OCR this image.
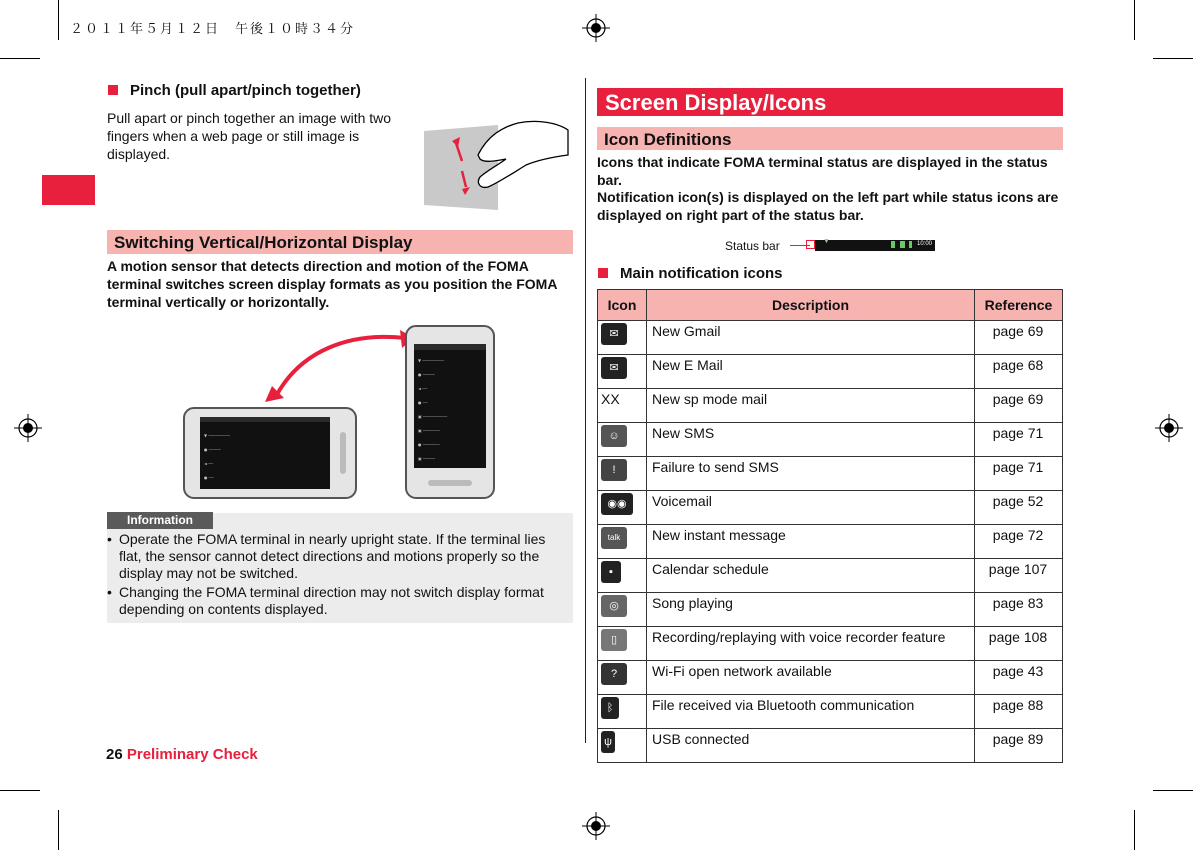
２０１１年５月１２日　午後１０時３４分
Pinch (pull apart/pinch together)
Pull apart or pinch together an image with two fingers when a web page or still image is displayed.
Switching Vertical/Horizontal Display
A motion sensor that detects direction and motion of the FOMA terminal switches screen display formats as you position the FOMA terminal vertically or horizontally.
▼ ─────────
● ─────
◄ ──
● ──
▼ ─────────
● ─────
◄ ──
● ──
▣ ──────────
▣ ───────
● ───────
▣ ─────
Information
• Operate the FOMA terminal in nearly upright state. If the terminal lies flat, the sensor cannot detect directions and motions properly so the display may not be switched.
• Changing the FOMA terminal direction may not switch display format depending on contents displayed.
Screen Display/Icons
Icon Definitions
Icons that indicate FOMA terminal status are displayed in the status bar.
Notification icon(s) is displayed on the left part while status icons are displayed on right part of the status bar.
Status bar	▼	10:00
Main notification icons
Icon	Description	Reference
✉	New Gmail	page 69
✉	New E Mail	page 68
XX	New sp mode mail	page 69
☺	New SMS	page 71
!	Failure to send SMS	page 71
◉◉	Voicemail	page 52
talk	New instant message	page 72
▪	Calendar schedule	page 107
◎	Song playing	page 83
▯	Recording/replaying with voice recorder feature	page 108
?	Wi-Fi open network available	page 43
ᛒ	File received via Bluetooth communication	page 88
ψ	USB connected	page 89
26 Preliminary Check
